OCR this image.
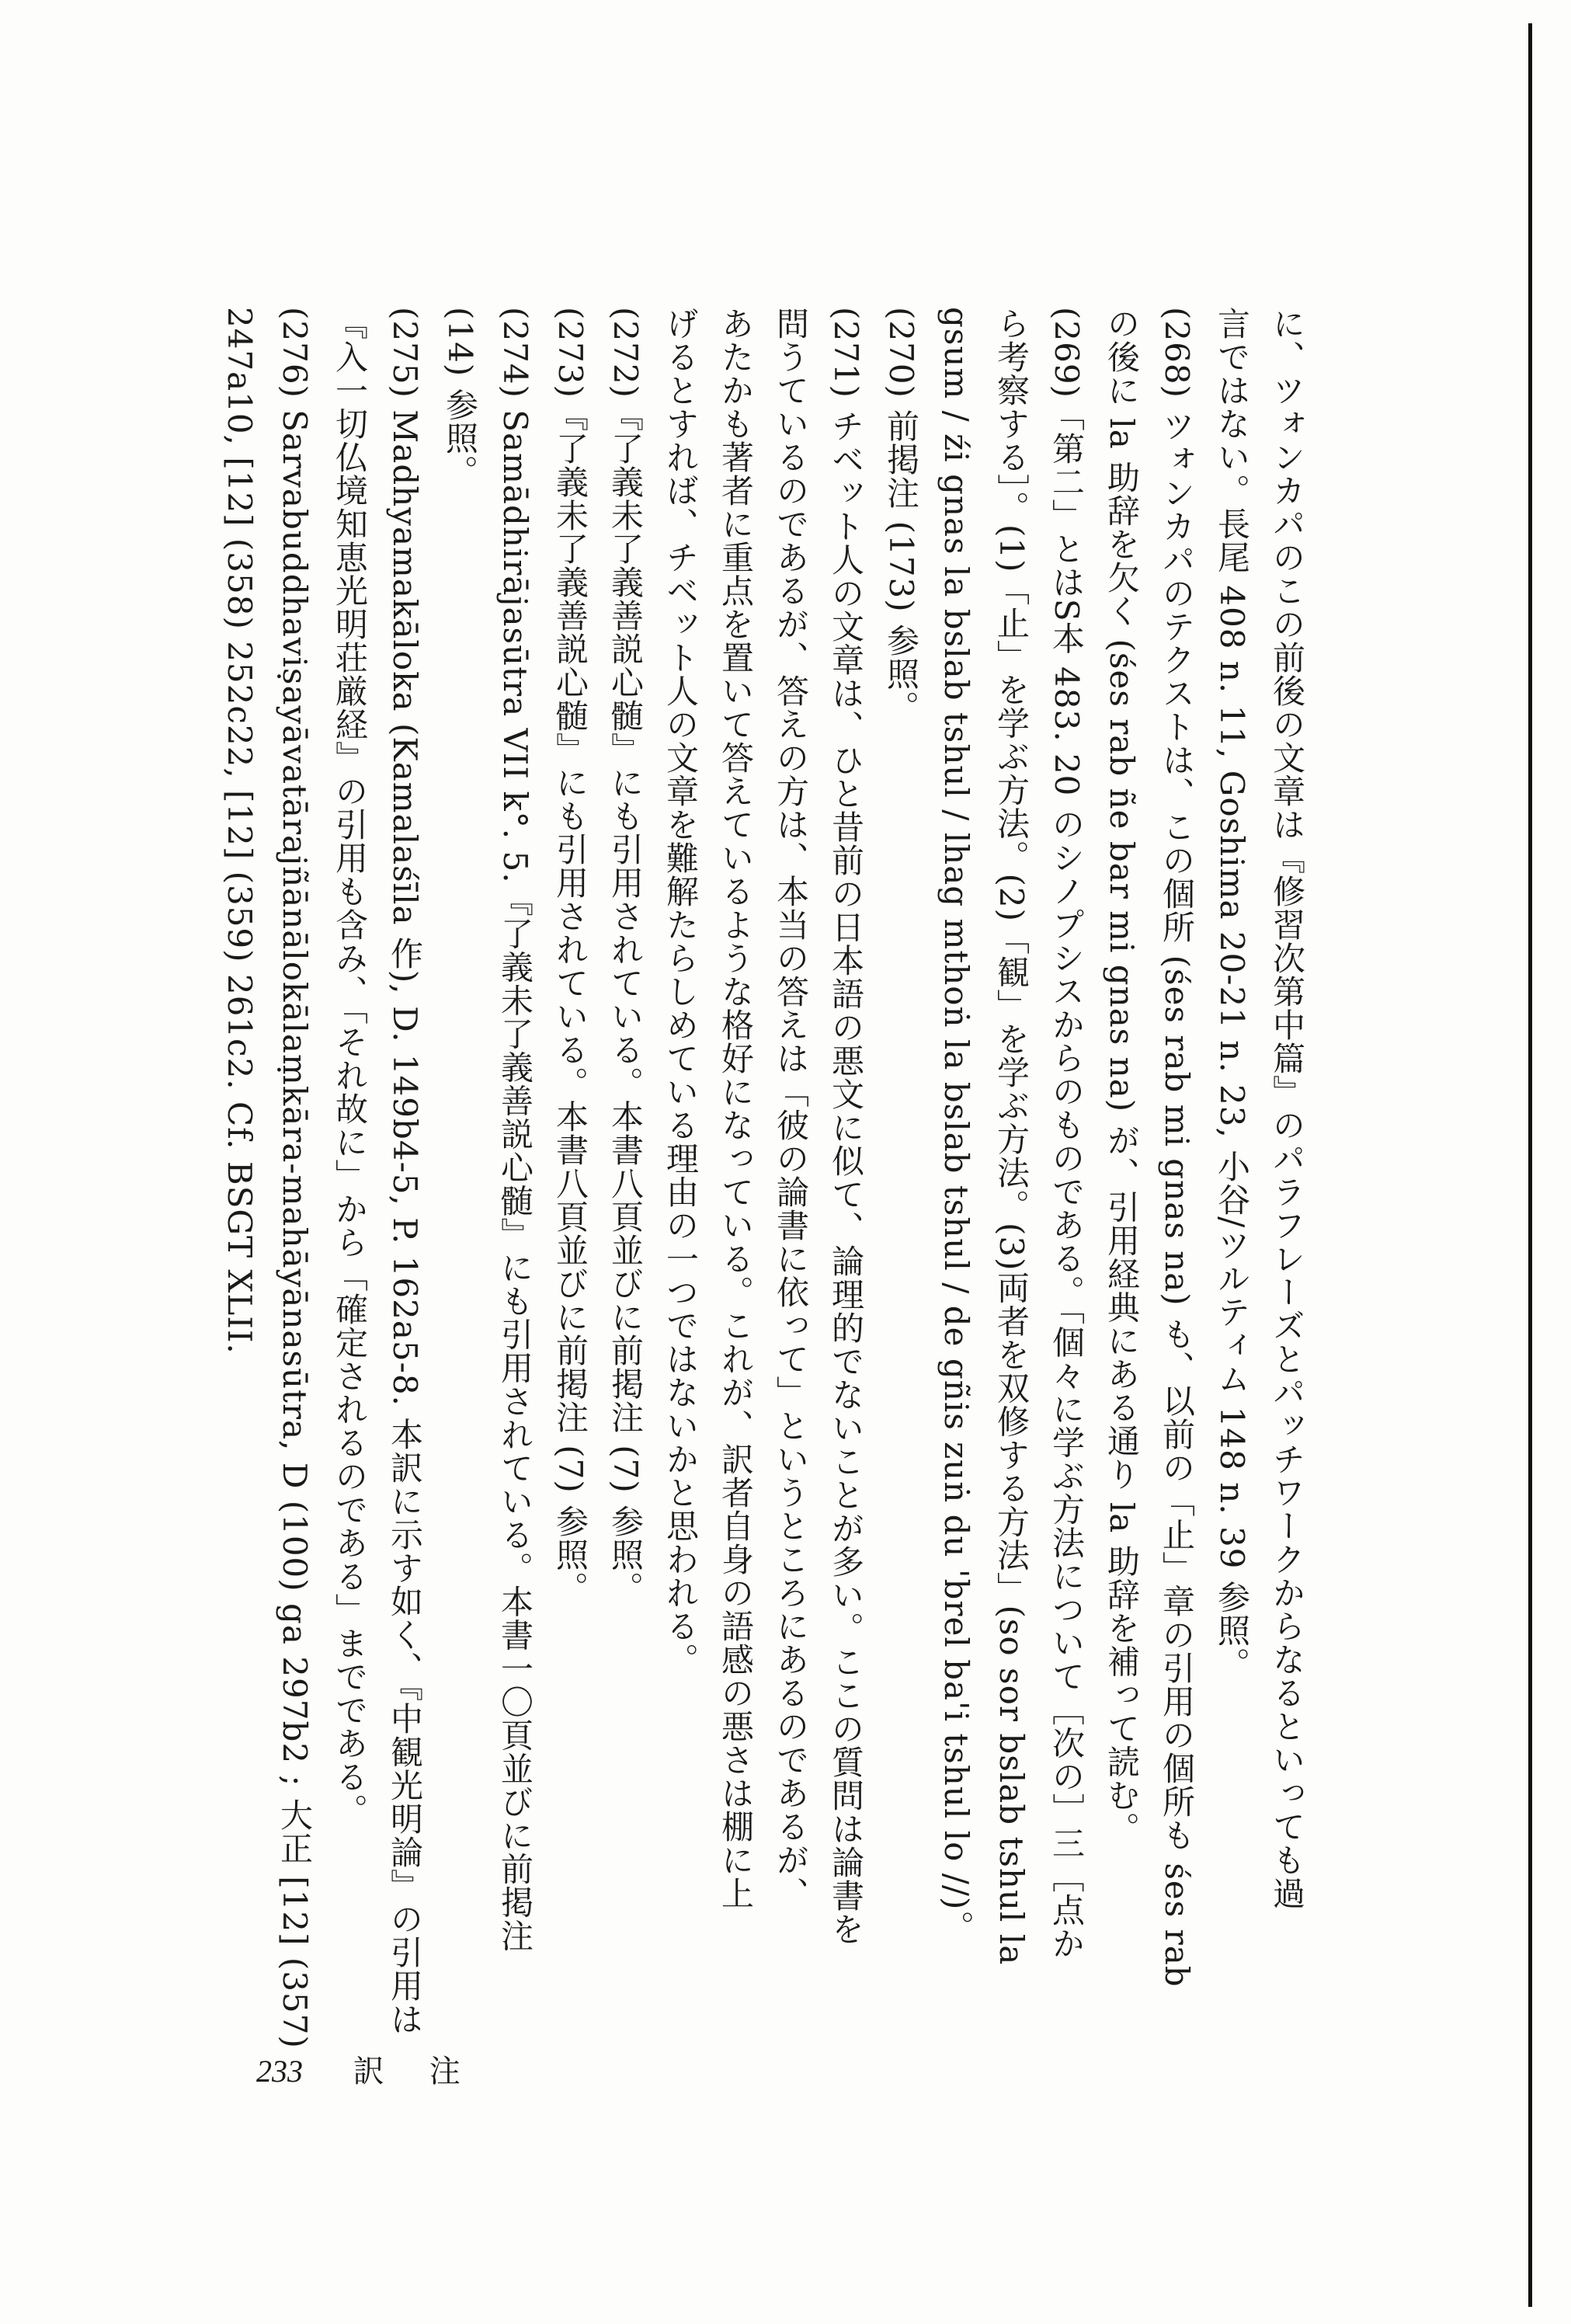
に、ツォンカパのこの前後の文章は『修習次第中篇』のパラフレーズとパッチワークからなるといっても過
言ではない。長尾 408 n. 11, Goshima 20-21 n. 23, 小谷/ツルティム 148 n. 39 参照。
(268) ツォンカパのテクストは、この個所 (śes rab mi gnas na) も、以前の「止」章の引用の個所も śes rab
の後に la 助辞を欠く (śes rab ñe bar mi gnas na) が、引用経典にある通り la 助辞を補って読む。
(269)「第二」とはS本 483. 20 のシノプシスからのものである。「個々に学ぶ方法について［次の］三［点か
ら考察する］。(1)「止」を学ぶ方法。(2)「観」を学ぶ方法。(3)両者を双修する方法」(so sor bslab tshul la
gsum / źi gnas la bslab tshul / lhag mthoṅ la bslab tshul / de gñis zuṅ du 'brel ba'i tshul lo //)。
(270) 前掲注 (173) 参照。
(271) チベット人の文章は、ひと昔前の日本語の悪文に似て、論理的でないことが多い。ここの質問は論書を
問うているのであるが、答えの方は、本当の答えは「彼の論書に依って」というところにあるのであるが、
あたかも著者に重点を置いて答えているような格好になっている。これが、訳者自身の語感の悪さは棚に上
げるとすれば、チベット人の文章を難解たらしめている理由の一つではないかと思われる。
(272)『了義未了義善説心髄』にも引用されている。本書八頁並びに前掲注 (7) 参照。
(273)『了義未了義善説心髄』にも引用されている。本書八頁並びに前掲注 (7) 参照。
(274) Samādhirājasūtra VII k°. 5.『了義未了義善説心髄』にも引用されている。本書一〇頁並びに前掲注
(14) 参照。
(275) Madhyamakāloka (Kamalaśīla 作), D. 149b4-5, P. 162a5-8. 本訳に示す如く、『中観光明論』の引用は
『入一切仏境知恵光明荘厳経』の引用も含み、「それ故に」から「確定されるのである」までである。
(276) Sarvabuddhaviṣayāvatārajñānālokālaṃkāra-mahāyānasūtra, D (100) ga 297b2 ; 大正 [12] (357)
247a10, [12] (358) 252c22, [12] (359) 261c2. Cf. BSGT XLII.
233 訳注
